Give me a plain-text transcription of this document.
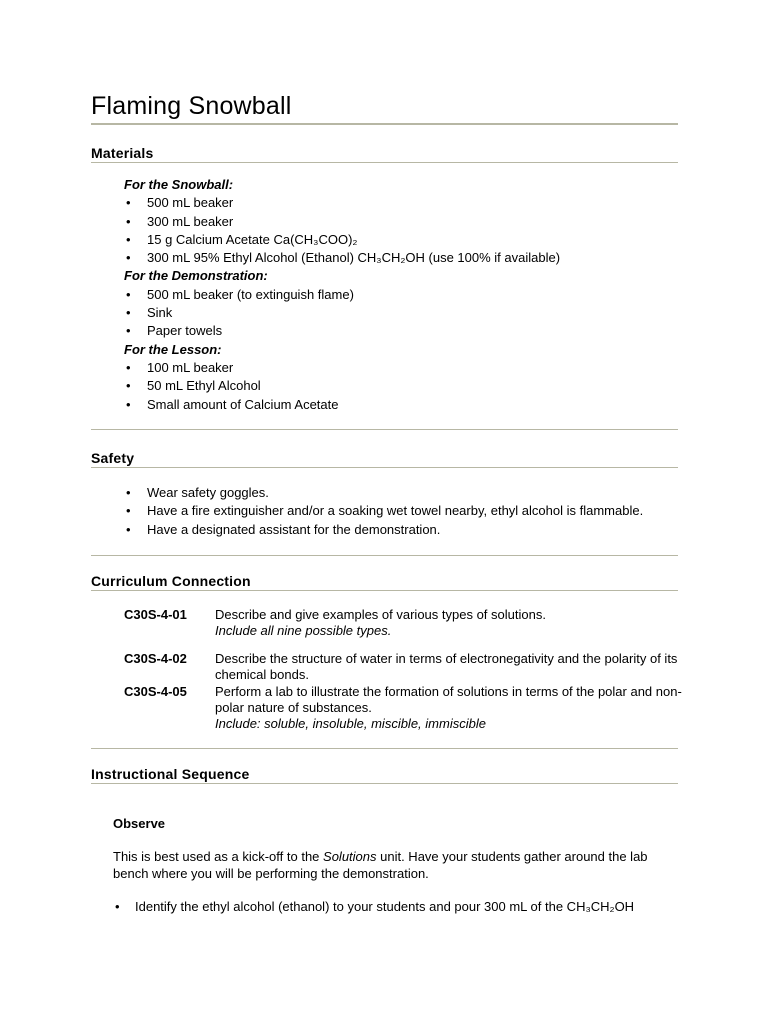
Flaming Snowball
Materials
For the Snowball:
• 500 mL beaker
• 300 mL beaker
• 15 g Calcium Acetate Ca(CH₃COO)₂
• 300 mL 95% Ethyl Alcohol (Ethanol) CH₃CH₂OH (use 100% if available)
For the Demonstration:
• 500 mL beaker (to extinguish flame)
• Sink
• Paper towels
For the Lesson:
• 100 mL beaker
• 50 mL Ethyl Alcohol
• Small amount of Calcium Acetate
Safety
• Wear safety goggles.
• Have a fire extinguisher and/or a soaking wet towel nearby, ethyl alcohol is flammable.
• Have a designated assistant for the demonstration.
Curriculum Connection
C30S-4-01	Describe and give examples of various types of solutions.
Include all nine possible types.
C30S-4-02	Describe the structure of water in terms of electronegativity and the polarity of its chemical bonds.
C30S-4-05	Perform a lab to illustrate the formation of solutions in terms of the polar and non-polar nature of substances.
Include: soluble, insoluble, miscible, immiscible
Instructional Sequence
Observe
This is best used as a kick-off to the Solutions unit. Have your students gather around the lab bench where you will be performing the demonstration.
• Identify the ethyl alcohol (ethanol) to your students and pour 300 mL of the CH₃CH₂OH
